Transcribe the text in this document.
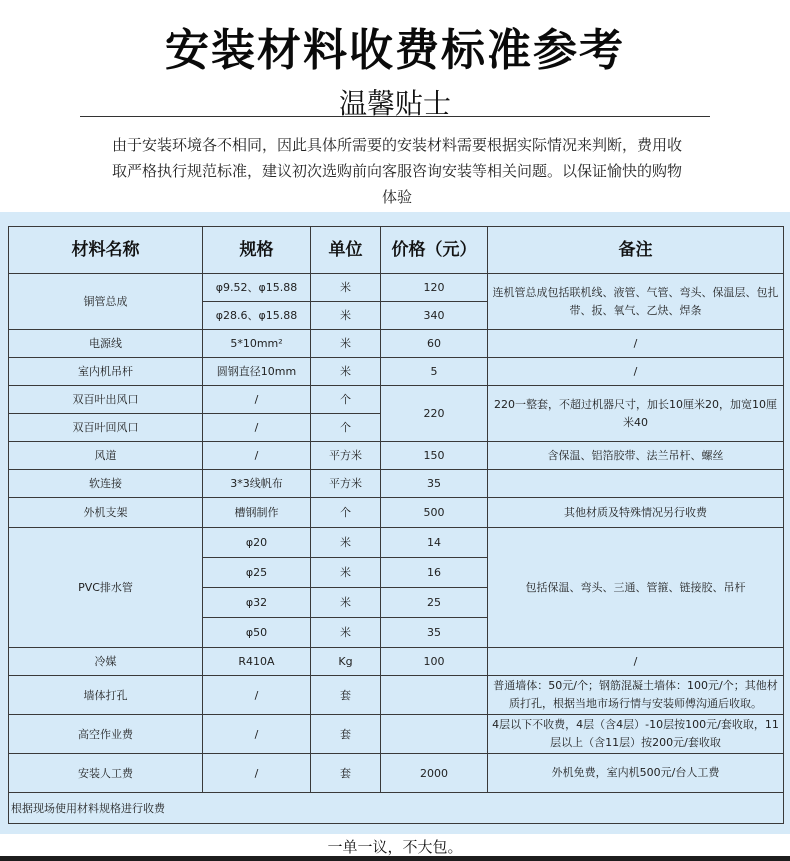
安装材料收费标准参考
温馨贴士
由于安装环境各不相同，因此具体所需要的安装材料需要根据实际情况来判断，费用收取严格执行规范标准，建议初次选购前向客服咨询安装等相关问题。以保证愉快的购物体验
材料名称	规格	单位	价格（元）	备注
铜管总成	φ9.52、φ15.88	米	120	连机管总成包括联机线、液管、气管、弯头、保温层、包扎带、扳、氧气、乙炔、焊条
	φ28.6、φ15.88	米	340	
电源线	5*10mm²	米	60	/
室内机吊杆	圆钢直径10mm	米	5	/
双百叶出风口	/	个	220	220一整套，不超过机器尺寸，加长10厘米20，加宽10厘米40
双百叶回风口	/	个		
风道	/	平方米	150	含保温、铝箔胶带、法兰吊杆、螺丝
软连接	3*3线帆布	平方米	35	
外机支架	槽钢制作	个	500	其他材质及特殊情况另行收费
PVC排水管	φ20	米	14	包括保温、弯头、三通、管箍、链接胶、吊杆
	φ25	米	16	
	φ32	米	25	
	φ50	米	35	
冷媒	R410A	Kg	100	/
墙体打孔	/	套		普通墙体：50元/个；钢筋混凝土墙体：100元/个；其他材质打孔，根据当地市场行情与安装师傅沟通后收取。
高空作业费	/	套		4层以下不收费，4层（含4层）-10层按100元/套收取，11层以上（含11层）按200元/套收取
安装人工费	/	套	2000	外机免费，室内机500元/台人工费
根据现场使用材料规格进行收费				
一单一议，不大包。
